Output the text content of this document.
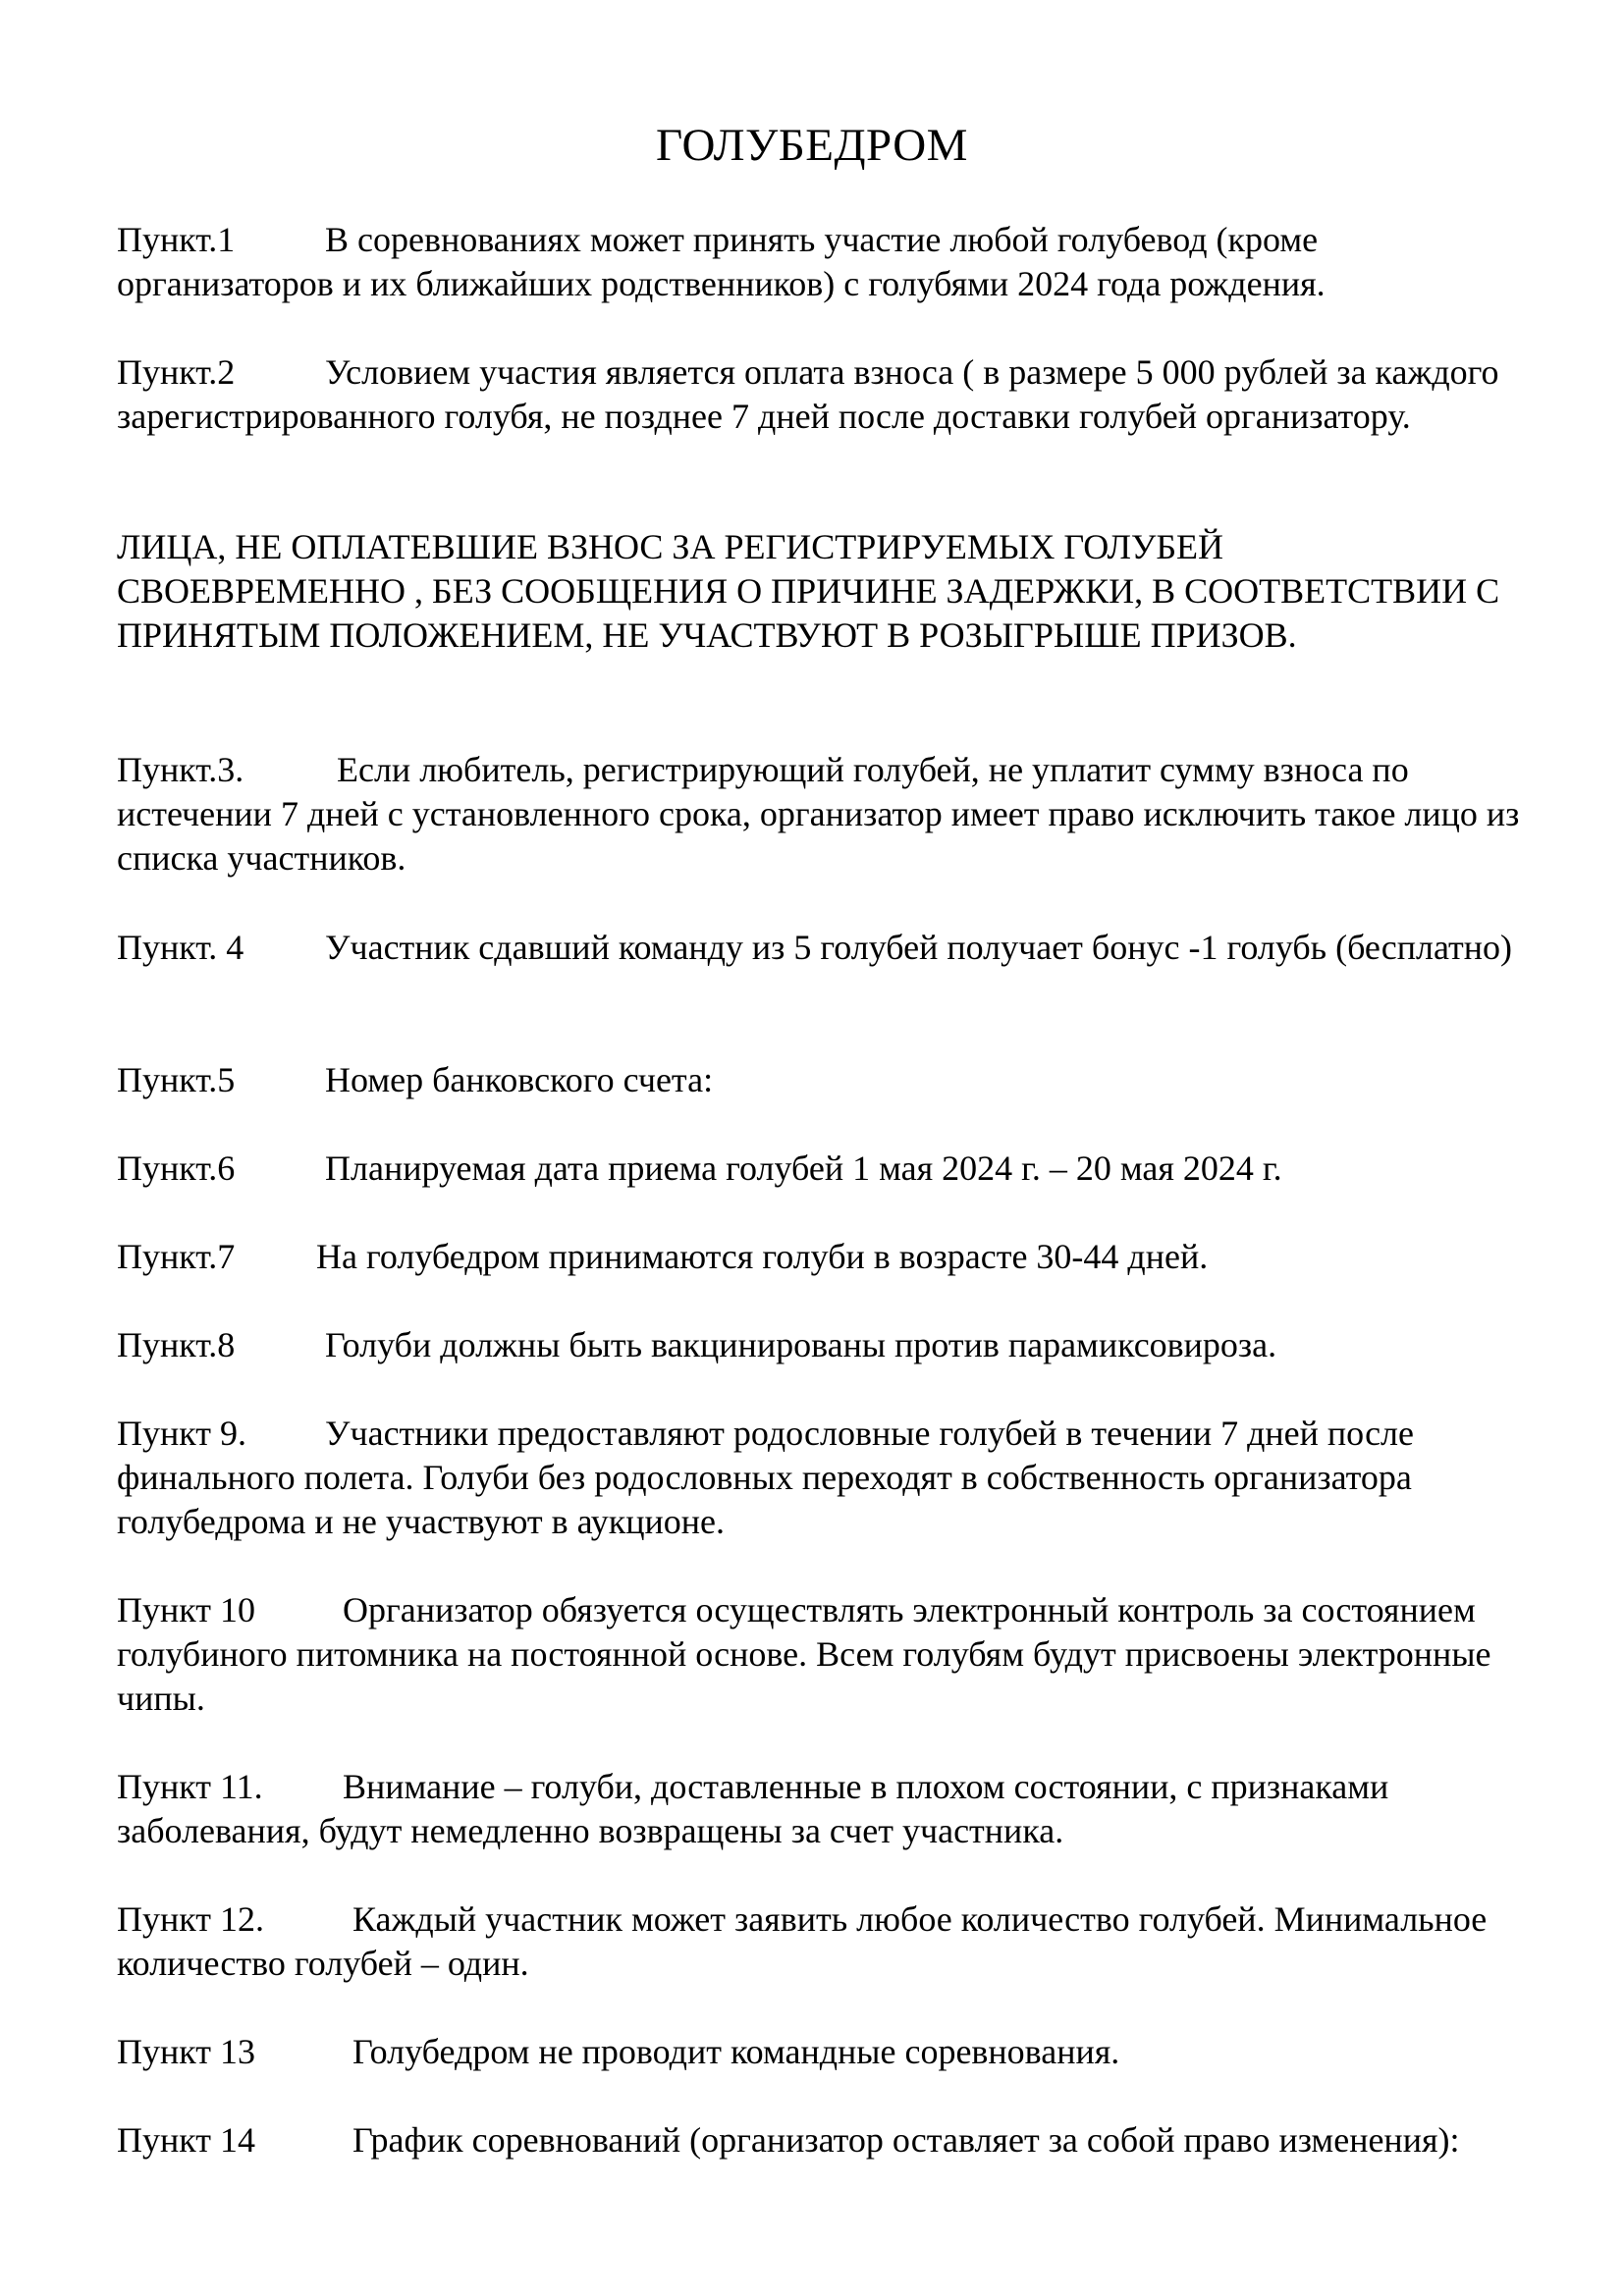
ГОЛУБЕДРОМ

Пункт.1	В соревнованиях может принять участие любой голубевод (кроме организаторов и их ближайших родственников) с голубями 2024 года рождения.

Пункт.2	Условием участия является оплата взноса ( в размере 5 000 рублей за каждого зарегистрированного голубя, не позднее 7 дней после доставки голубей организатору.

ЛИЦА, НЕ ОПЛАТЕВШИЕ ВЗНОС ЗА РЕГИСТРИРУЕМЫХ ГОЛУБЕЙ СВОЕВРЕМЕННО , БЕЗ СООБЩЕНИЯ О ПРИЧИНЕ ЗАДЕРЖКИ, В СООТВЕТСТВИИ С ПРИНЯТЫМ ПОЛОЖЕНИЕМ, НЕ УЧАСТВУЮТ В РОЗЫГРЫШЕ ПРИЗОВ.

Пункт.3.	Если любитель, регистрирующий голубей, не уплатит сумму взноса по истечении 7 дней с установленного срока, организатор имеет право исключить такое лицо из списка участников.

Пункт. 4 Участник сдавший команду из 5 голубей получает бонус -1 голубь (бесплатно)

Пункт.5	Номер банковского счета:

Пункт.6	Планируемая дата приема голубей 1 мая 2024 г. – 20 мая 2024 г.

Пункт.7 На голубедром принимаются голуби в возрасте 30-44 дней.

Пункт.8	Голуби должны быть вакцинированы против парамиксовироза.

Пункт 9. Участники предоставляют родословные голубей в течении 7 дней после финального полета. Голуби без родословных переходят в собственность организатора голубедрома и не участвуют в аукционе.

Пункт 10 Организатор обязуется осуществлять электронный контроль за состоянием голубиного питомника на постоянной основе. Всем голубям будут присвоены электронные чипы.

Пункт 11. Внимание – голуби, доставленные в плохом состоянии, с признаками заболевания, будут немедленно возвращены за счет участника.

Пункт 12. Каждый участник может заявить любое количество голубей. Минимальное количество голубей – один.

Пункт 13	Голубедром не проводит командные соревнования.

Пункт 14	График соревнований (организатор оставляет за собой право изменения):
